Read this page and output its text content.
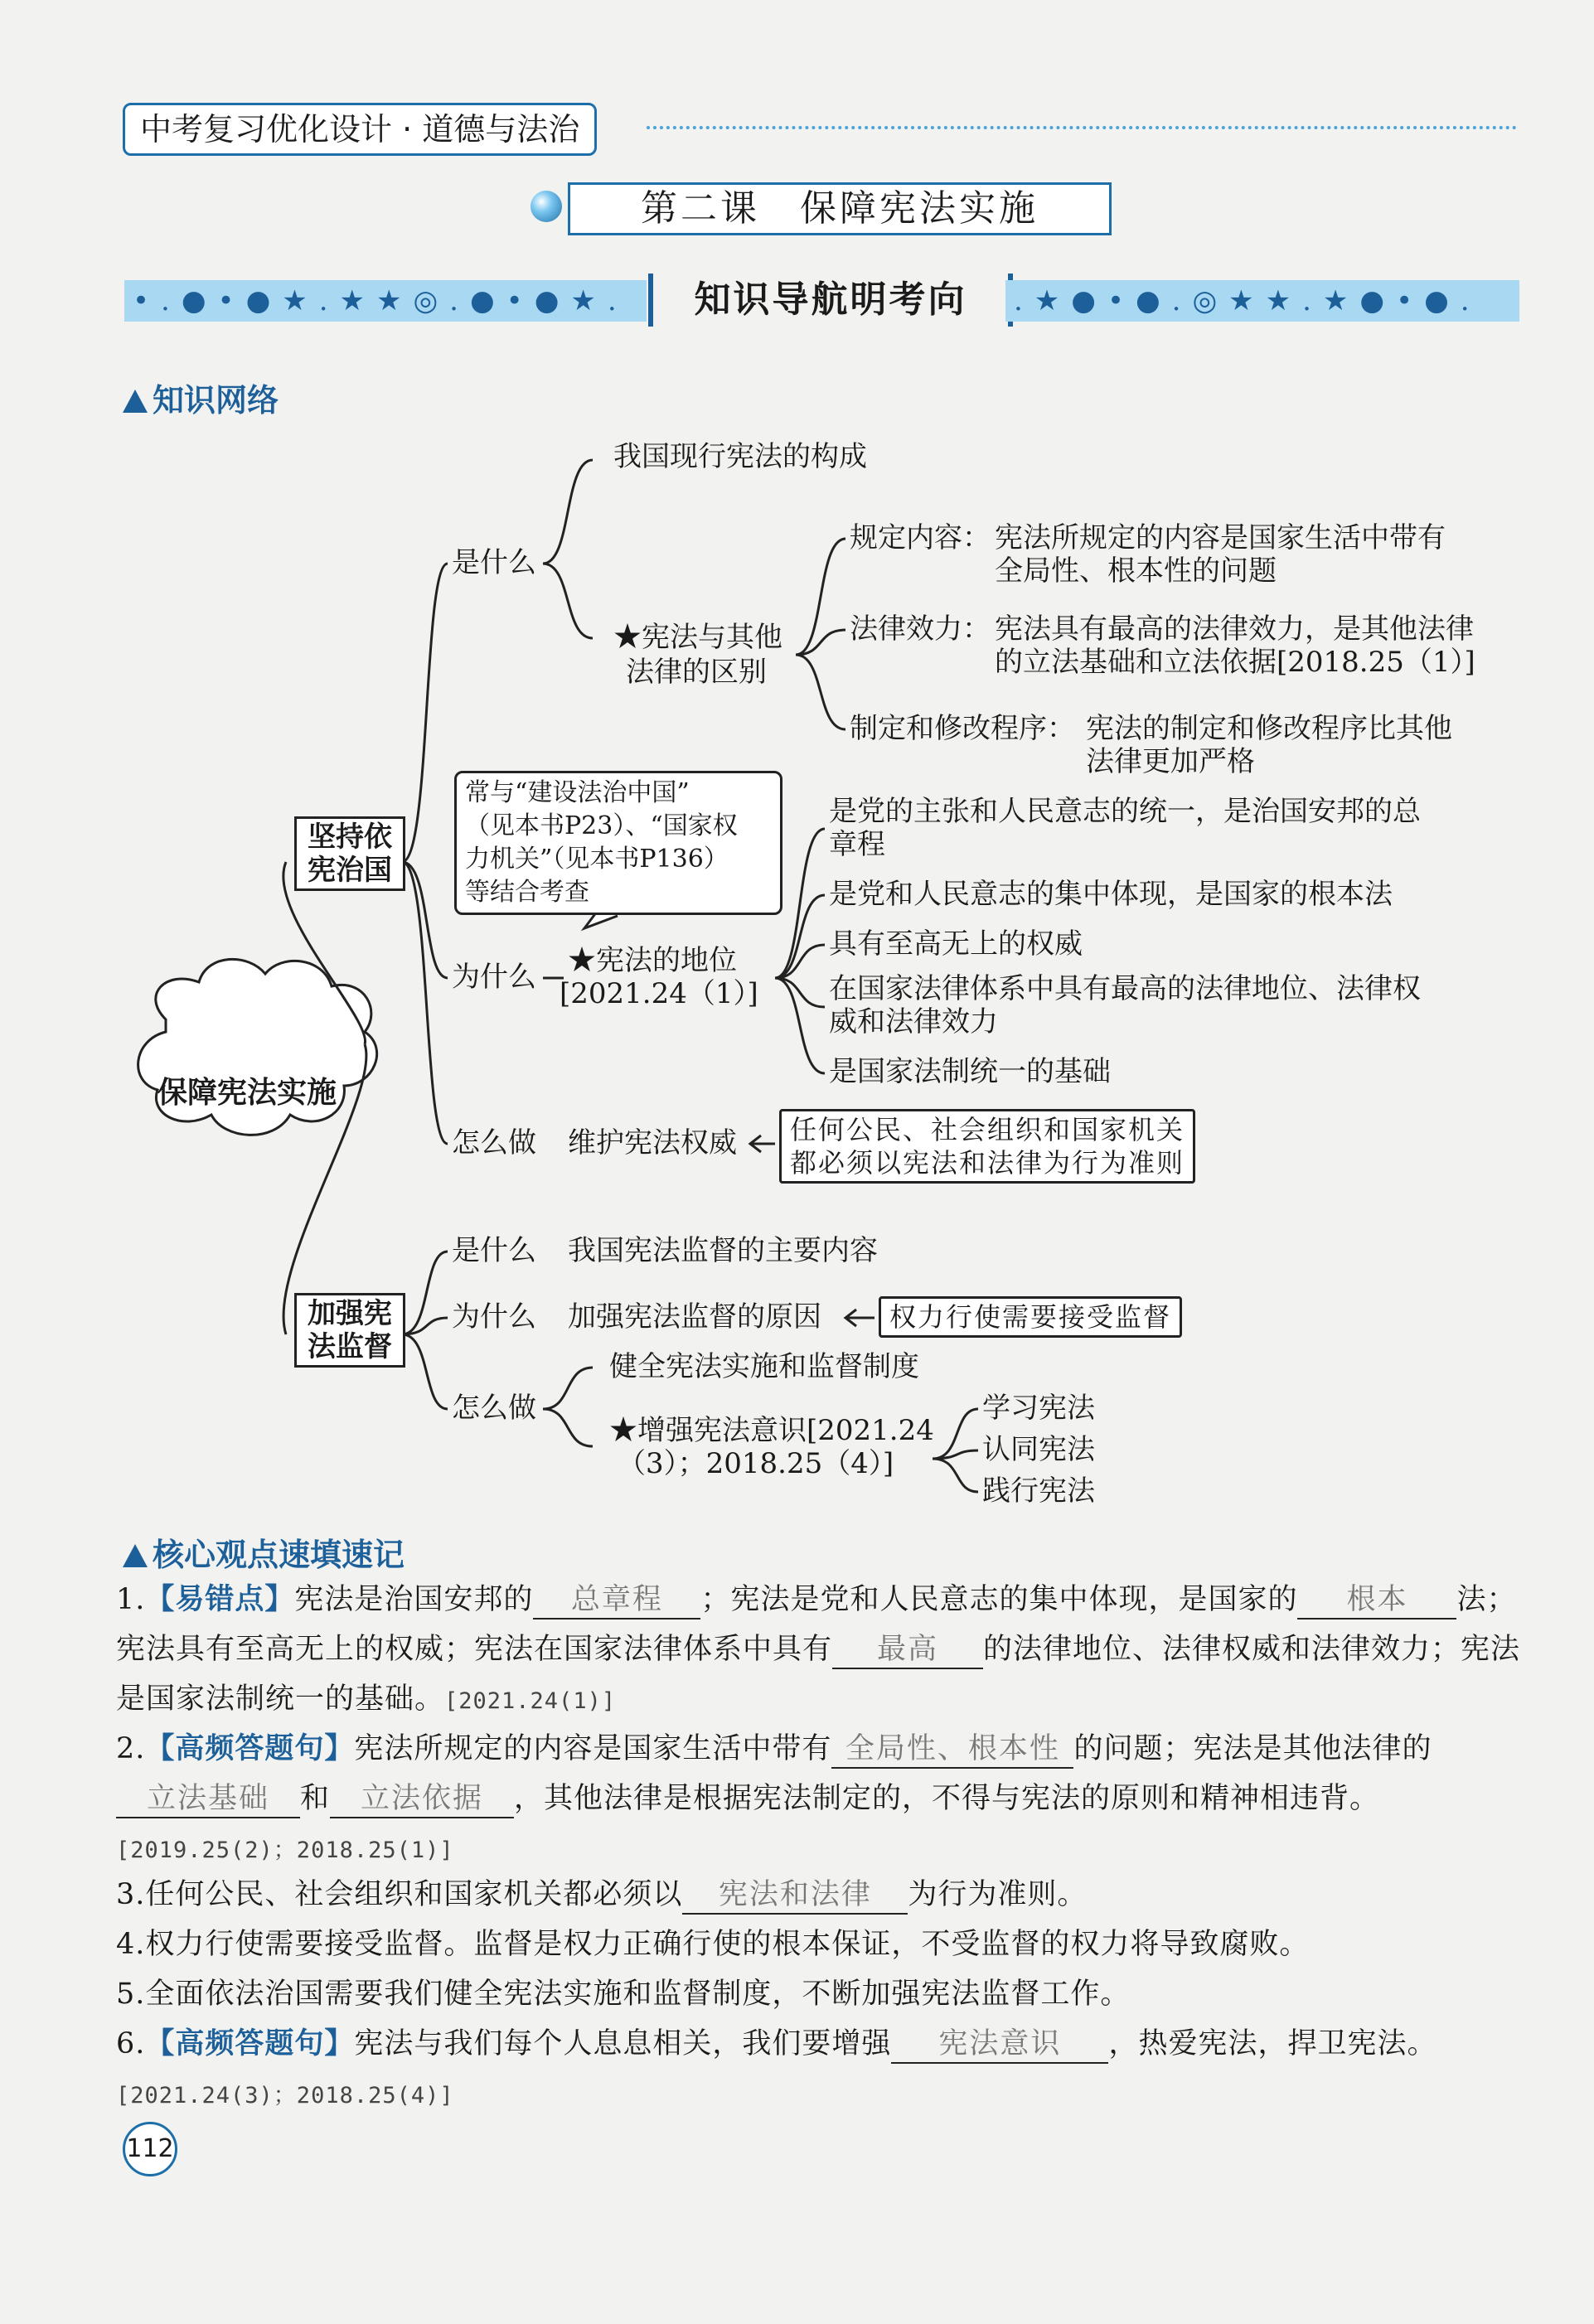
中考复习优化设计 · 道德与法治
第二课　保障宪法实施
•.●•●★.★★◎.●•●★.	知识导航明考向	.★●•●.◎★★.★●•●.
知识网络
保障宪法实施
坚持依宪治国
是什么
我国现行宪法的构成
★宪法与其他
法律的区别
规定内容： 宪法所规定的内容是国家生活中带有
全局性、根本性的问题
法律效力： 宪法具有最高的法律效力，是其他法律
的立法基础和立法依据[2018.25（1）]
制定和修改程序： 宪法的制定和修改程序比其他
法律更加严格
常与“建设法治中国”
（见本书P23）、“国家权
力机关”（见本书P136）
等结合考查
为什么 ★宪法的地位
[2021.24（1）]
是党的主张和人民意志的统一，是治国安邦的总
章程
是党和人民意志的集中体现，是国家的根本法
具有至高无上的权威
在国家法律体系中具有最高的法律地位、法律权
威和法律效力
是国家法制统一的基础
怎么做 维护宪法权威 任何公民、社会组织和国家机关
都必须以宪法和法律为行为准则
加强宪法监督
是什么 我国宪法监督的主要内容
为什么 加强宪法监督的原因	权力行使需要接受监督
怎么做
健全宪法实施和监督制度
★增强宪法意识[2021.24
（3）；2018.25（4）]
学习宪法
认同宪法
践行宪法
核心观点速填速记
1.【易错点】宪法是治国安邦的 总章程 ；宪法是党和人民意志的集中体现，是国家的 根本 法；宪法具有至高无上的权威；宪法在国家法律体系中具有 最高 的法律地位、法律权威和法律效力；宪法是国家法制统一的基础。[2021.24(1)]
2.【高频答题句】宪法所规定的内容是国家生活中带有 全局性、根本性 的问题；宪法是其他法律的立法基础 和 立法依据 ，其他法律是根据宪法制定的，不得与宪法的原则和精神相违背。[2019.25(2)；2018.25(1)]
3.任何公民、社会组织和国家机关都必须以 宪法和法律 为行为准则。
4.权力行使需要接受监督。监督是权力正确行使的根本保证，不受监督的权力将导致腐败。
5.全面依法治国需要我们健全宪法实施和监督制度，不断加强宪法监督工作。
6.【高频答题句】宪法与我们每个人息息相关，我们要增强 宪法意识 ，热爱宪法，捍卫宪法。
[2021.24(3)；2018.25(4)]
112
